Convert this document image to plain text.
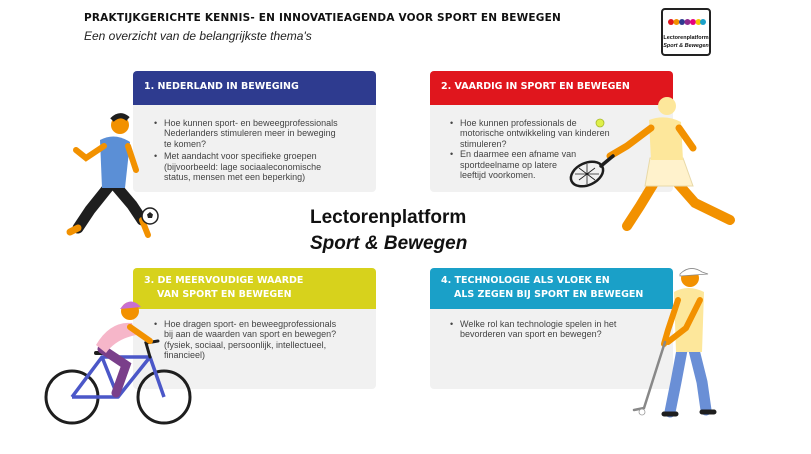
PRAKTIJKGERICHTE KENNIS- EN INNOVATIEAGENDA VOOR SPORT EN BEWEGEN
Een overzicht van de belangrijkste thema's	Lectorenplatform
Sport & Bewegen
1. NEDERLAND IN BEWEGING
• Hoe kunnen sport- en beweegprofessionals
Nederlanders stimuleren meer in beweging
te komen?
• Met aandacht voor specifieke groepen
(bijvoorbeeld: lage sociaaleconomische
status, mensen met een beperking)
2. VAARDIG IN SPORT EN BEWEGEN
• Hoe kunnen professionals de
motorische ontwikkeling van kinderen
stimuleren?
• En daarmee een afname van
sportdeelname op latere
leeftijd voorkomen.
3. DE MEERVOUDIGE WAARDE
VAN SPORT EN BEWEGEN
• Hoe dragen sport- en beweegprofessionals
bij aan de waarden van sport en bewegen?
(fysiek, sociaal, persoonlijk, intellectueel,
financieel)
4. TECHNOLOGIE ALS VLOEK EN
ALS ZEGEN BIJ SPORT EN BEWEGEN
• Welke rol kan technologie spelen in het
bevorderen van sport en bewegen?
Lectorenplatform
Sport & Bewegen
